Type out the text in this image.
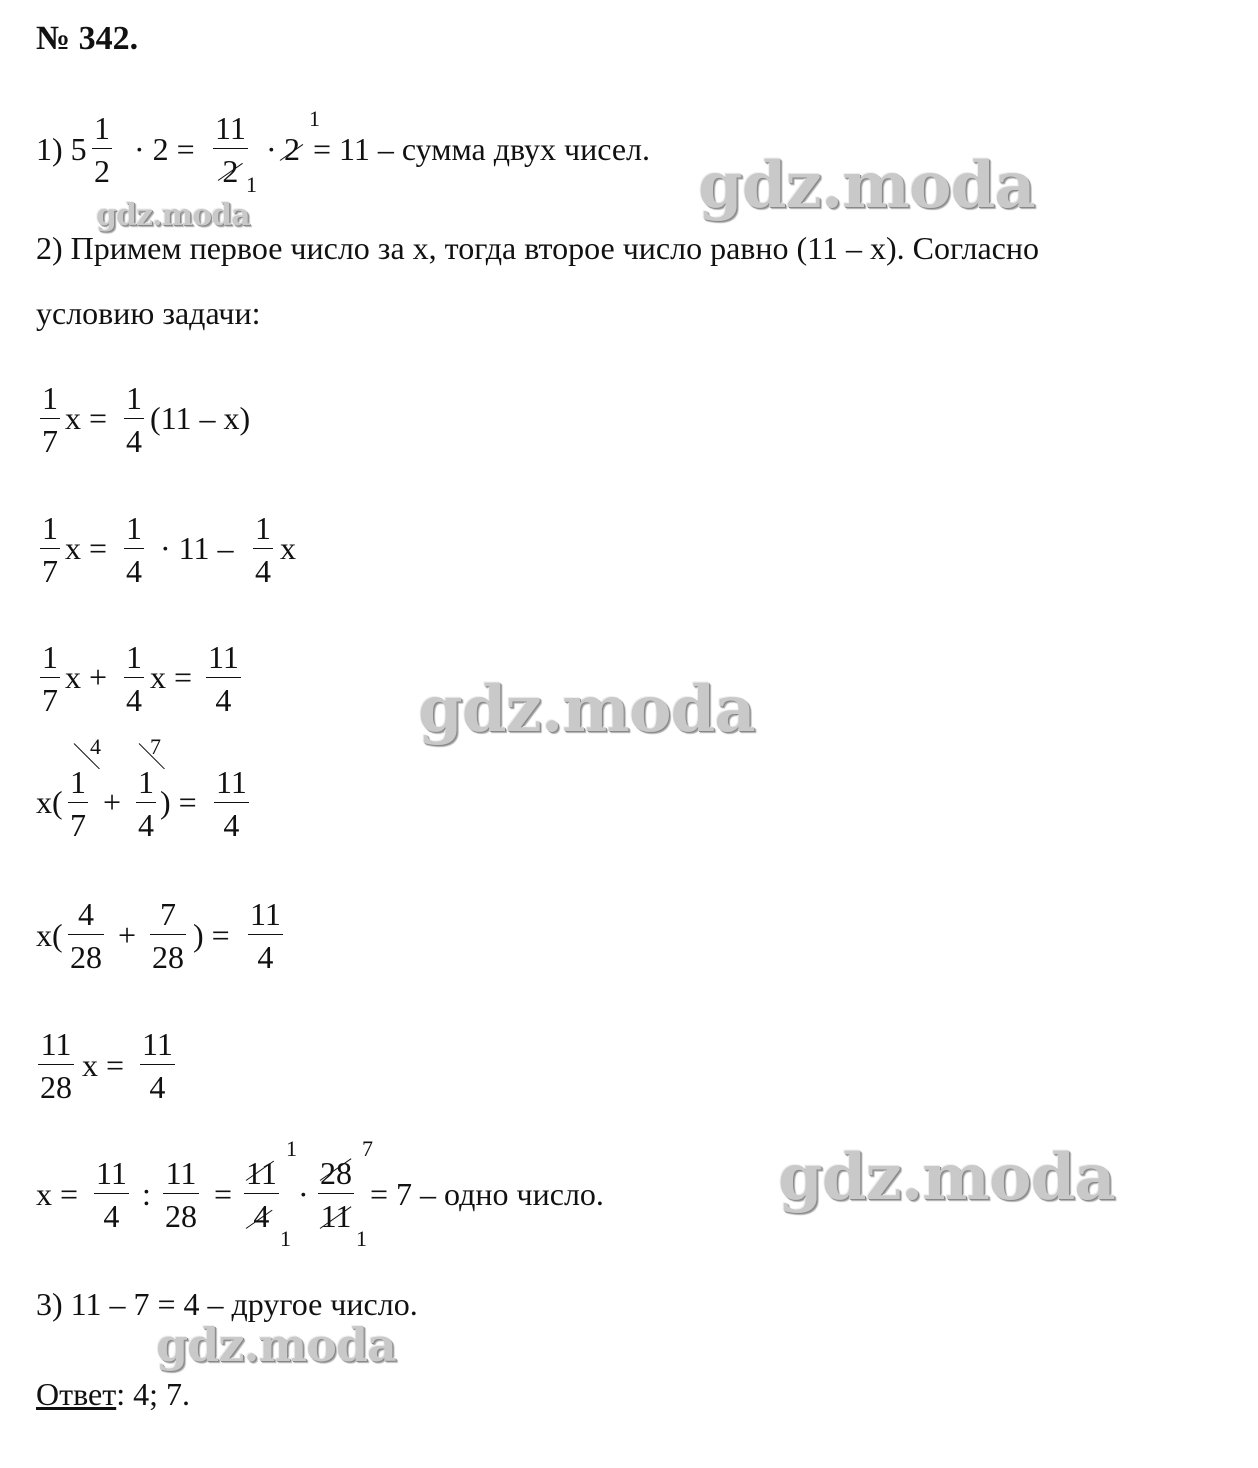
№ 342.
1) $5 \frac{1}{2} \cdot 2 = \frac{11}{2}$
1
· 2
1
= 11 – сумма двух чисел.
2) Примем первое число за х, тогда второе число равно (11 – х). Согласно
условию задачи:
$\frac{1}{7}$ $x = \frac{1}{4} (11 - x)$
$\frac{1}{7}$ $x = \frac{1}{4} \cdot 11 - \frac{1}{4}$ x
$\frac{1}{7}$ $x + \frac{1}{4}$ $x = \frac{11}{4}$
$x( \frac{1}{7}$
4
+ $\frac{1}{4}$
7
) = $\frac{11}{4}$
$x( \frac{4}{28} + \frac{7}{28}$ ) = $\frac{11}{4}$
$\frac{11}{28}$ $x = \frac{11}{4}$
$x = \frac{11}{4}$ : $\frac{11}{28} = \frac{11}{4}$
1
1
· $\frac{28}{11}$
7
1
= 7 – одно число.
3) 11 – 7 = 4 – другое число.
Ответ: 4; 7.
gdz.moda
gdz.moda
gdz.moda
gdz.moda
gdz.moda
